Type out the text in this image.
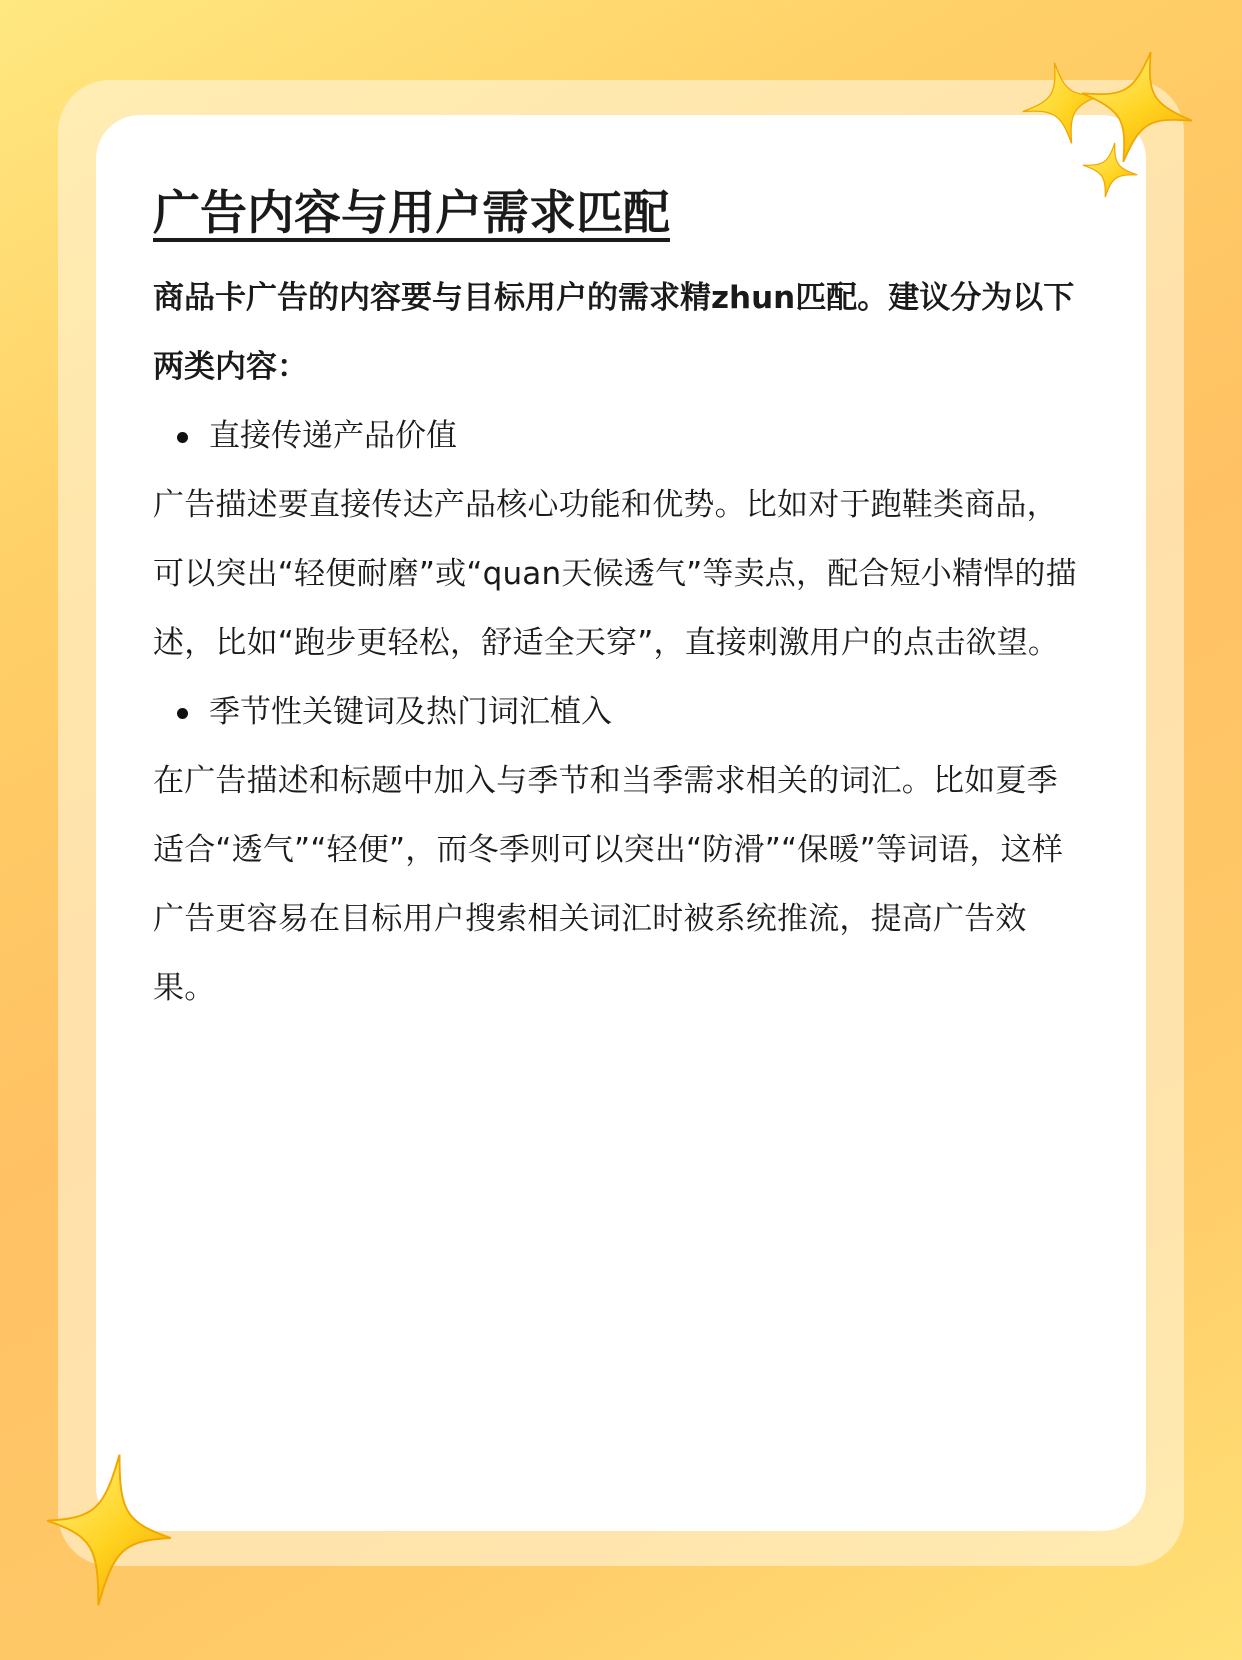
广告内容与用户需求匹配

商品卡广告的内容要与目标用户的需求精zhun匹配。建议分为以下两类内容：

直接传递产品价值

广告描述要直接传达产品核心功能和优势。比如对于跑鞋类商品，可以突出“轻便耐磨”或“quan天候透气”等卖点，配合短小精悍的描述，比如“跑步更轻松，舒适全天穿”，直接刺激用户的点击欲望。

季节性关键词及热门词汇植入

在广告描述和标题中加入与季节和当季需求相关的词汇。比如夏季适合“透气”“轻便”，而冬季则可以突出“防滑”“保暖”等词语，这样广告更容易在目标用户搜索相关词汇时被系统推流，提高广告效果。
